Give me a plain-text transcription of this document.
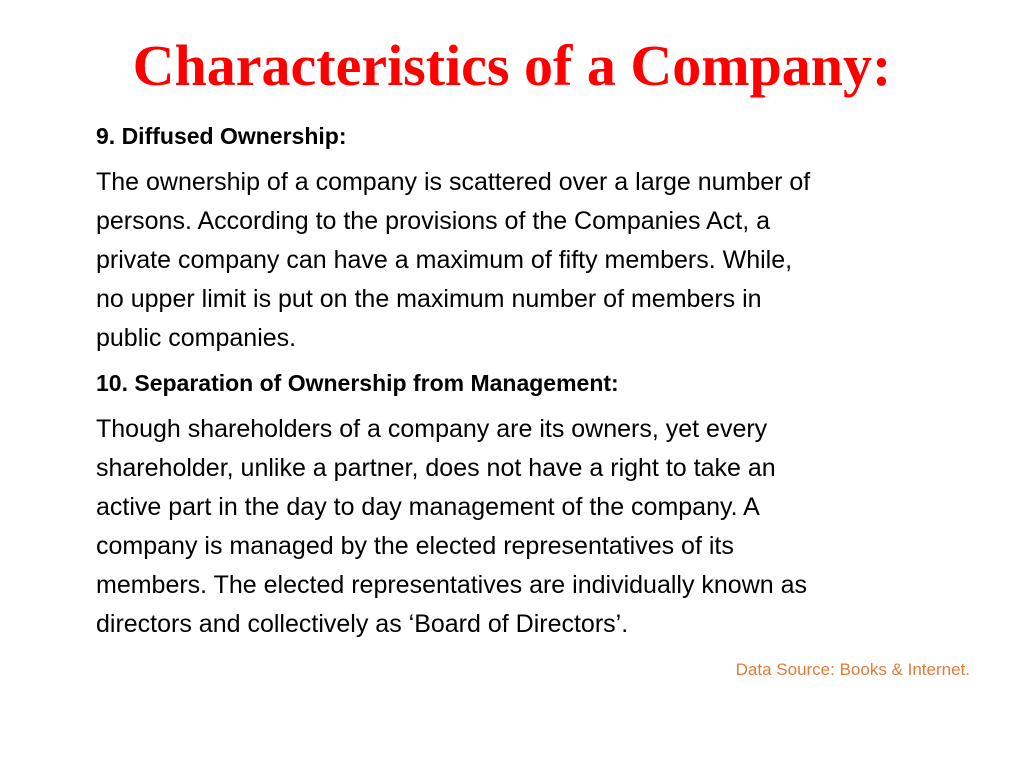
Characteristics of a Company:
9. Diffused Ownership:

The ownership of a company is scattered over a large number of
persons. According to the provisions of the Companies Act, a
private company can have a maximum of fifty members. While,
no upper limit is put on the maximum number of members in
public companies.

10. Separation of Ownership from Management:

Though shareholders of a company are its owners, yet every
shareholder, unlike a partner, does not have a right to take an
active part in the day to day management of the company. A
company is managed by the elected representatives of its
members. The elected representatives are individually known as
directors and collectively as ‘Board of Directors’.

Data Source: Books & Internet.
